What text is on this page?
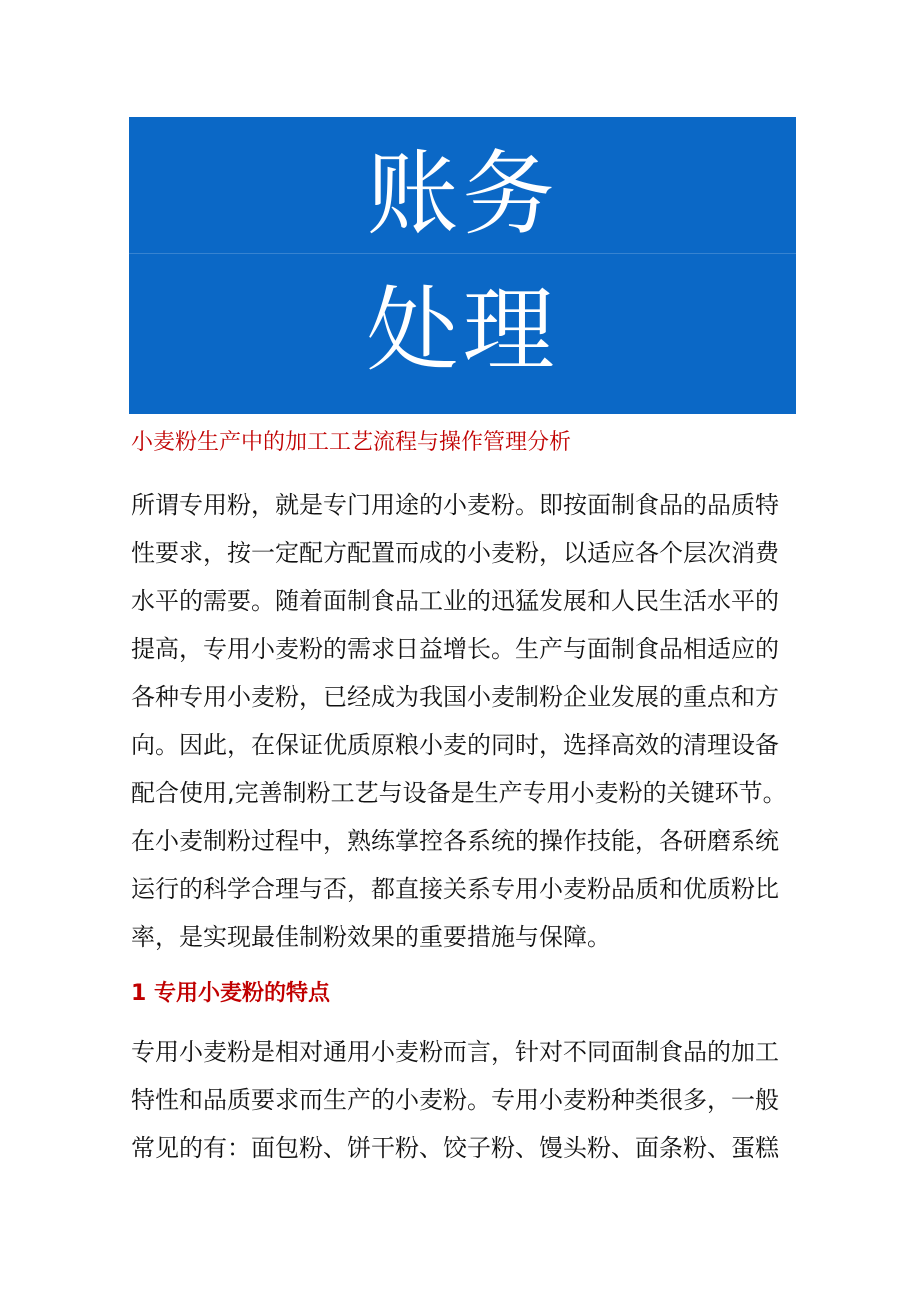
账务
处理
小麦粉生产中的加工工艺流程与操作管理分析
所谓专用粉，就是专门用途的小麦粉。即按面制食品的品质特
性要求，按一定配方配置而成的小麦粉，以适应各个层次消费
水平的需要。随着面制食品工业的迅猛发展和人民生活水平的
提高，专用小麦粉的需求日益增长。生产与面制食品相适应的
各种专用小麦粉，已经成为我国小麦制粉企业发展的重点和方
向。因此，在保证优质原粮小麦的同时，选择高效的清理设备
配合使用,完善制粉工艺与设备是生产专用小麦粉的关键环节。
在小麦制粉过程中，熟练掌控各系统的操作技能，各研磨系统
运行的科学合理与否，都直接关系专用小麦粉品质和优质粉比
率，是实现最佳制粉效果的重要措施与保障。
1 专用小麦粉的特点
专用小麦粉是相对通用小麦粉而言，针对不同面制食品的加工
特性和品质要求而生产的小麦粉。专用小麦粉种类很多，一般
常见的有：面包粉、饼干粉、饺子粉、馒头粉、面条粉、蛋糕
